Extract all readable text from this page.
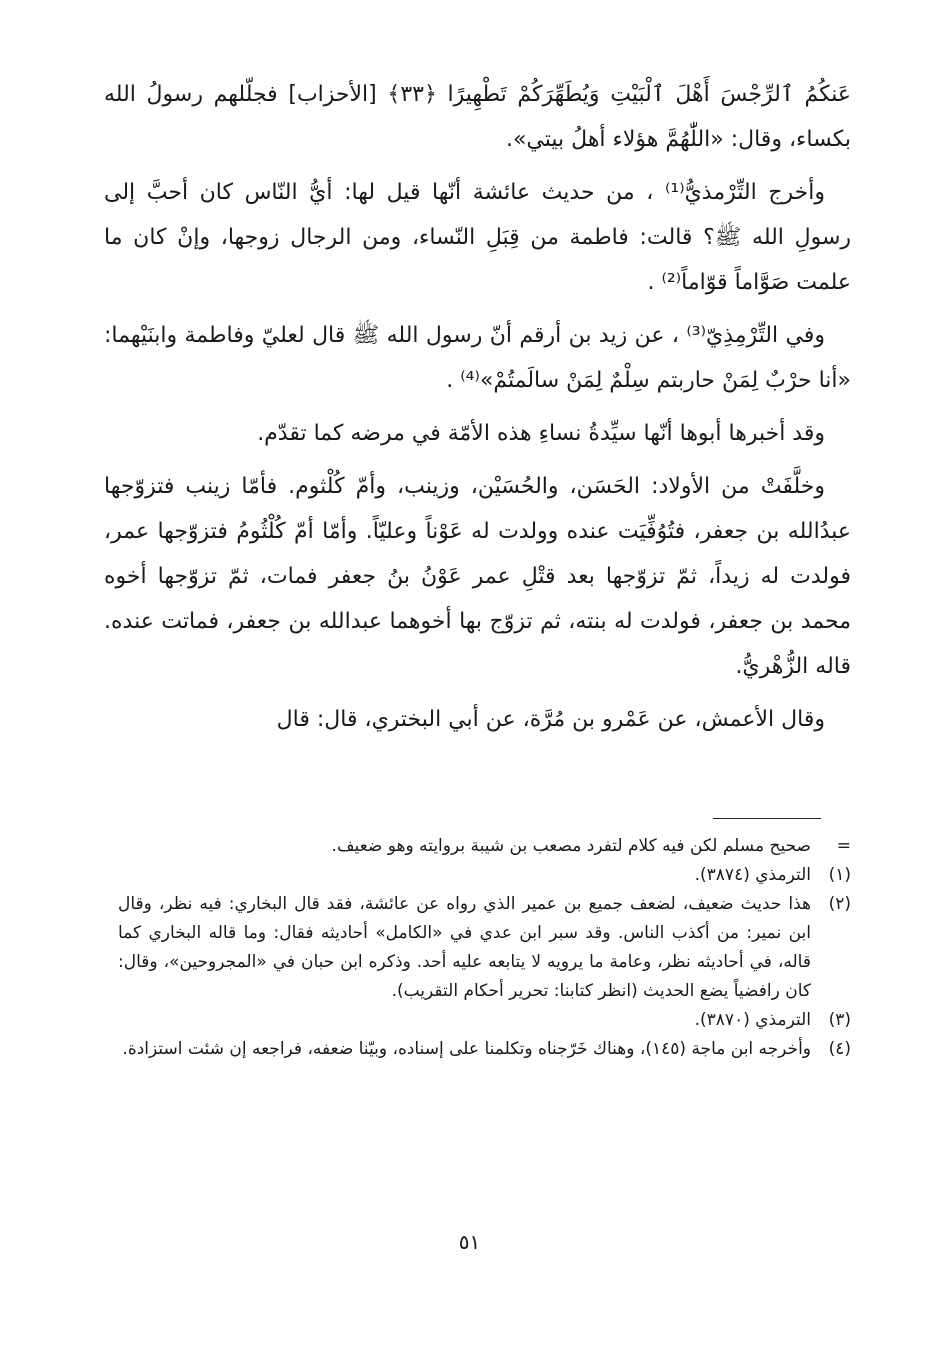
عَنكُمُ ٱلرِّجْسَ أَهْلَ ٱلْبَيْتِ وَيُطَهِّرَكُمْ تَطْهِيرًا ﴿٣٣﴾ [الأحزاب] فجلّلهم رسولُ الله بكساء، وقال: «اللّٰهُمَّ هؤلاء أهلُ بيتي».

وأخرج التِّرْمذيُّ⁽¹⁾ ، من حديث عائشة أنّها قيل لها: أيُّ النّاس كان أحبَّ إلى رسولِ الله ﷺ؟ قالت: فاطمة من قِبَلِ النّساء، ومن الرجال زوجها، وإنْ كان ما علمت صَوَّاماً قوّاماً⁽²⁾ .

وفي التِّرْمِذِيّ⁽³⁾ ، عن زيد بن أرقم أنّ رسول الله ﷺ قال لعليّ وفاطمة وابنَيْهما: «أنا حرْبٌ لِمَنْ حاربتم سِلْمٌ لِمَنْ سالَمتُمْ»⁽⁴⁾ .

وقد أخبرها أبوها أنّها سيِّدةُ نساءِ هذه الأمّة في مرضه كما تقدّم.

وخلَّفَتْ من الأولاد: الحَسَن، والحُسَيْن، وزينب، وأمّ كُلْثوم. فأمّا زينب فتزوّجها عبدُالله بن جعفر، فتُوُفِّيَت عنده وولدت له عَوْناً وعليّاً. وأمّا أمّ كُلْثُومُ فتزوّجها عمر، فولدت له زيداً، ثمّ تزوّجها بعد قتْلِ عمر عَوْنُ بنُ جعفر فمات، ثمّ تزوّجها أخوه محمد بن جعفر، فولدت له بنته، ثم تزوّج بها أخوهما عبدالله بن جعفر، فماتت عنده. قاله الزُّهْريُّ.

وقال الأعمش، عن عَمْرو بن مُرَّة، عن أبي البختري، قال: قال

=
صحيح مسلم لكن فيه كلام لتفرد مصعب بن شيبة بروايته وهو ضعيف.
(١)
الترمذي (٣٨٧٤).
(٢)
هذا حديث ضعيف، لضعف جميع بن عمير الذي رواه عن عائشة، فقد قال البخاري: فيه نظر، وقال ابن نمير: من أكذب الناس. وقد سبر ابن عدي في «الكامل» أحاديثه فقال: وما قاله البخاري كما قاله، في أحاديثه نظر، وعامة ما يرويه لا يتابعه عليه أحد. وذكره ابن حبان في «المجروحين»، وقال: كان رافضياً يضع الحديث (انظر كتابنا: تحرير أحكام التقريب).
(٣)
الترمذي (٣٨٧٠).
(٤)
وأخرجه ابن ماجة (١٤٥)، وهناك خَرّجناه وتكلمنا على إسناده، وبيّنا ضعفه، فراجعه إن شئت استزادة.
٥١
